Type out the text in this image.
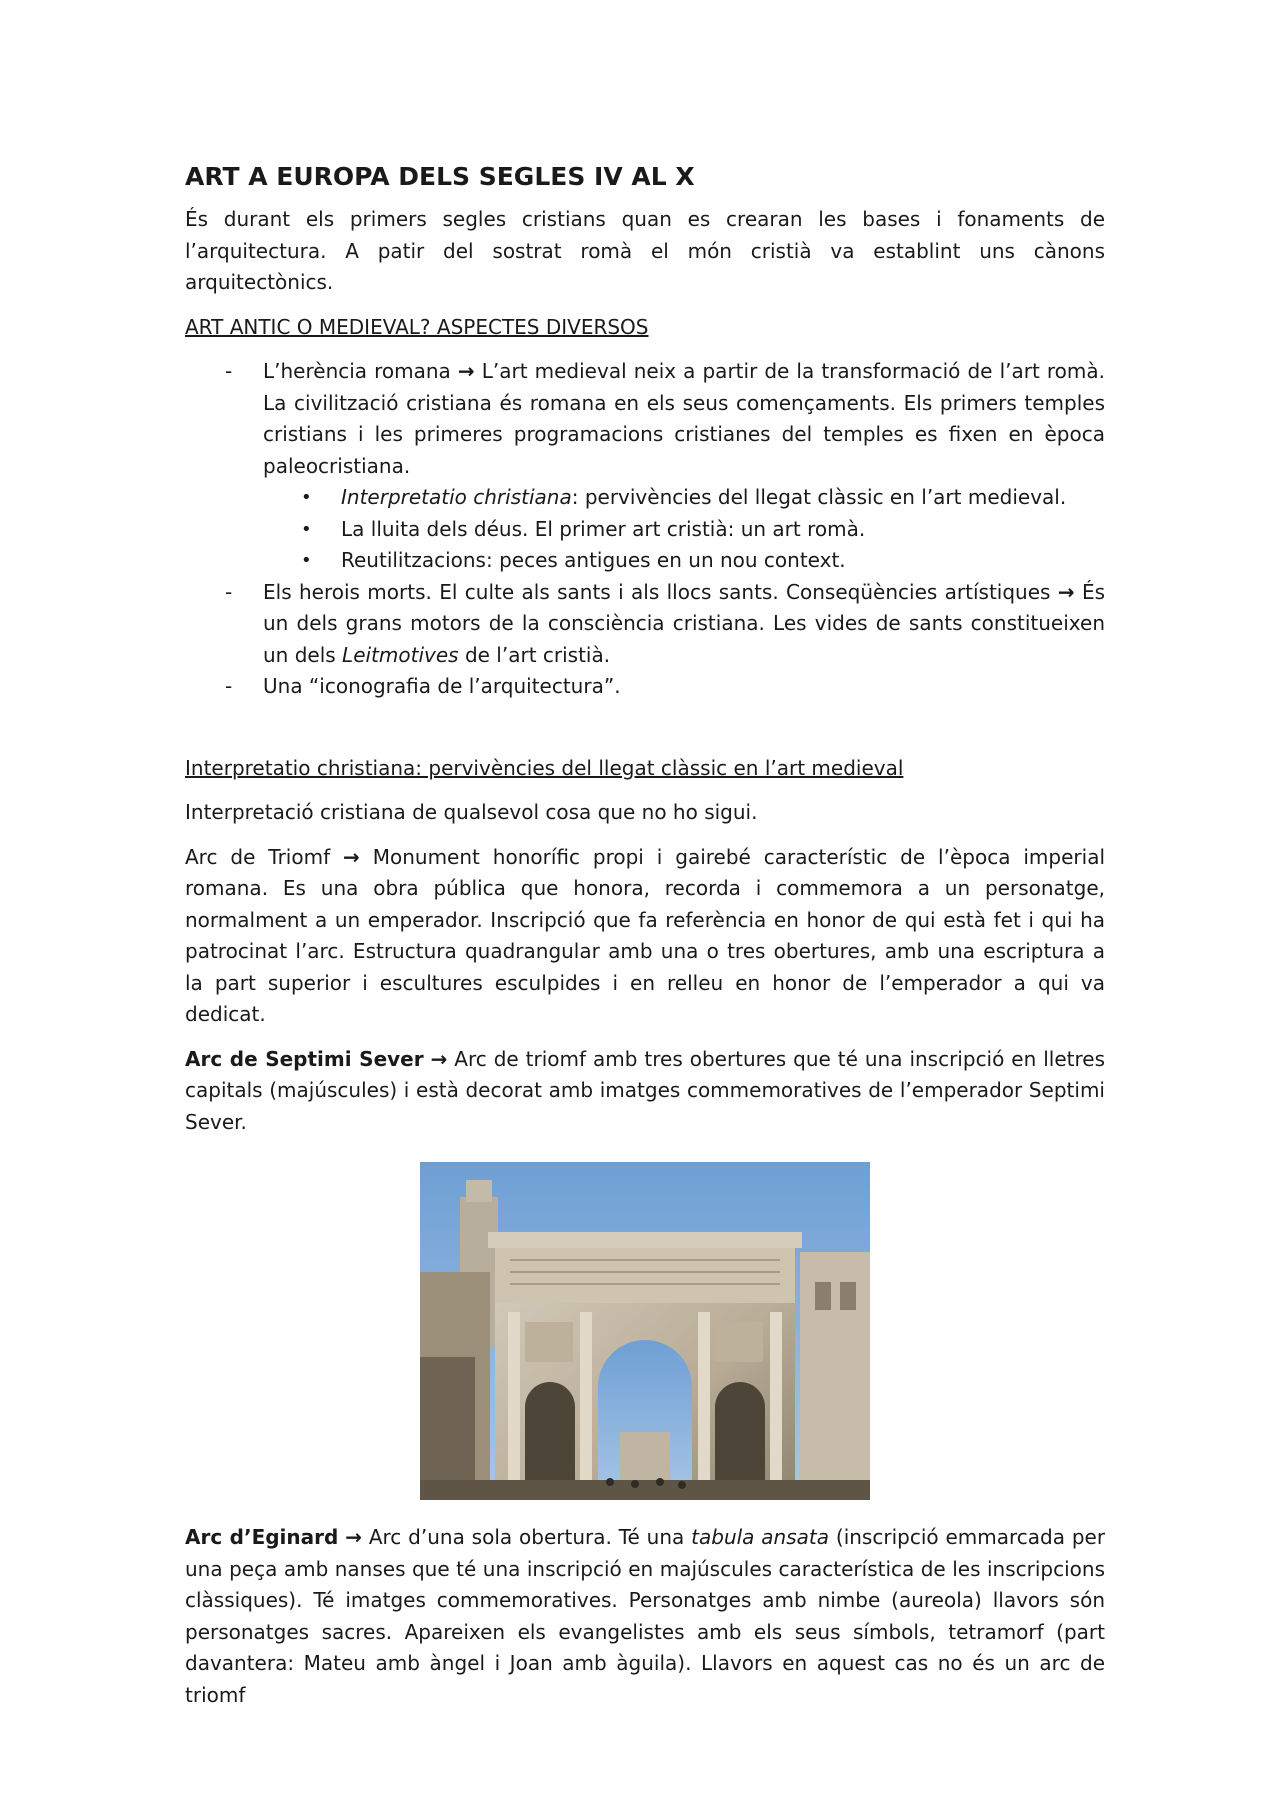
ART A EUROPA DELS SEGLES IV AL X

És durant els primers segles cristians quan es crearan les bases i fonaments de l’arquitectura. A patir del sostrat romà el món cristià va establint uns cànons arquitectònics.

ART ANTIC O MEDIEVAL? ASPECTES DIVERSOS

- L’herència romana → L’art medieval neix a partir de la transformació de l’art romà. La civilització cristiana és romana en els seus començaments. Els primers temples cristians i les primeres programacions cristianes del temples es fixen en època paleocristiana.
• Interpretatio christiana: pervivències del llegat clàssic en l’art medieval.
• La lluita dels déus. El primer art cristià: un art romà.
• Reutilitzacions: peces antigues en un nou context.
- Els herois morts. El culte als sants i als llocs sants. Conseqüències artístiques → És un dels grans motors de la consciència cristiana. Les vides de sants constitueixen un dels Leitmotives de l’art cristià.
- Una “iconografia de l’arquitectura”.

Interpretatio christiana: pervivències del llegat clàssic en l’art medieval

Interpretació cristiana de qualsevol cosa que no ho sigui.

Arc de Triomf → Monument honorífic propi i gairebé característic de l’època imperial romana. Es una obra pública que honora, recorda i commemora a un personatge, normalment a un emperador. Inscripció que fa referència en honor de qui està fet i qui ha patrocinat l’arc. Estructura quadrangular amb una o tres obertures, amb una escriptura a la part superior i escultures esculpides i en relleu en honor de l’emperador a qui va dedicat.

Arc de Septimi Sever → Arc de triomf amb tres obertures que té una inscripció en lletres capitals (majúscules) i està decorat amb imatges commemoratives de l’emperador Septimi Sever.

Arc d’Eginard → Arc d’una sola obertura. Té una tabula ansata (inscripció emmarcada per una peça amb nanses que té una inscripció en majúscules característica de les inscripcions clàssiques). Té imatges commemoratives. Personatges amb nimbe (aureola) llavors són personatges sacres. Apareixen els evangelistes amb els seus símbols, tetramorf (part davantera: Mateu amb àngel i Joan amb àguila). Llavors en aquest cas no és un arc de triomf
